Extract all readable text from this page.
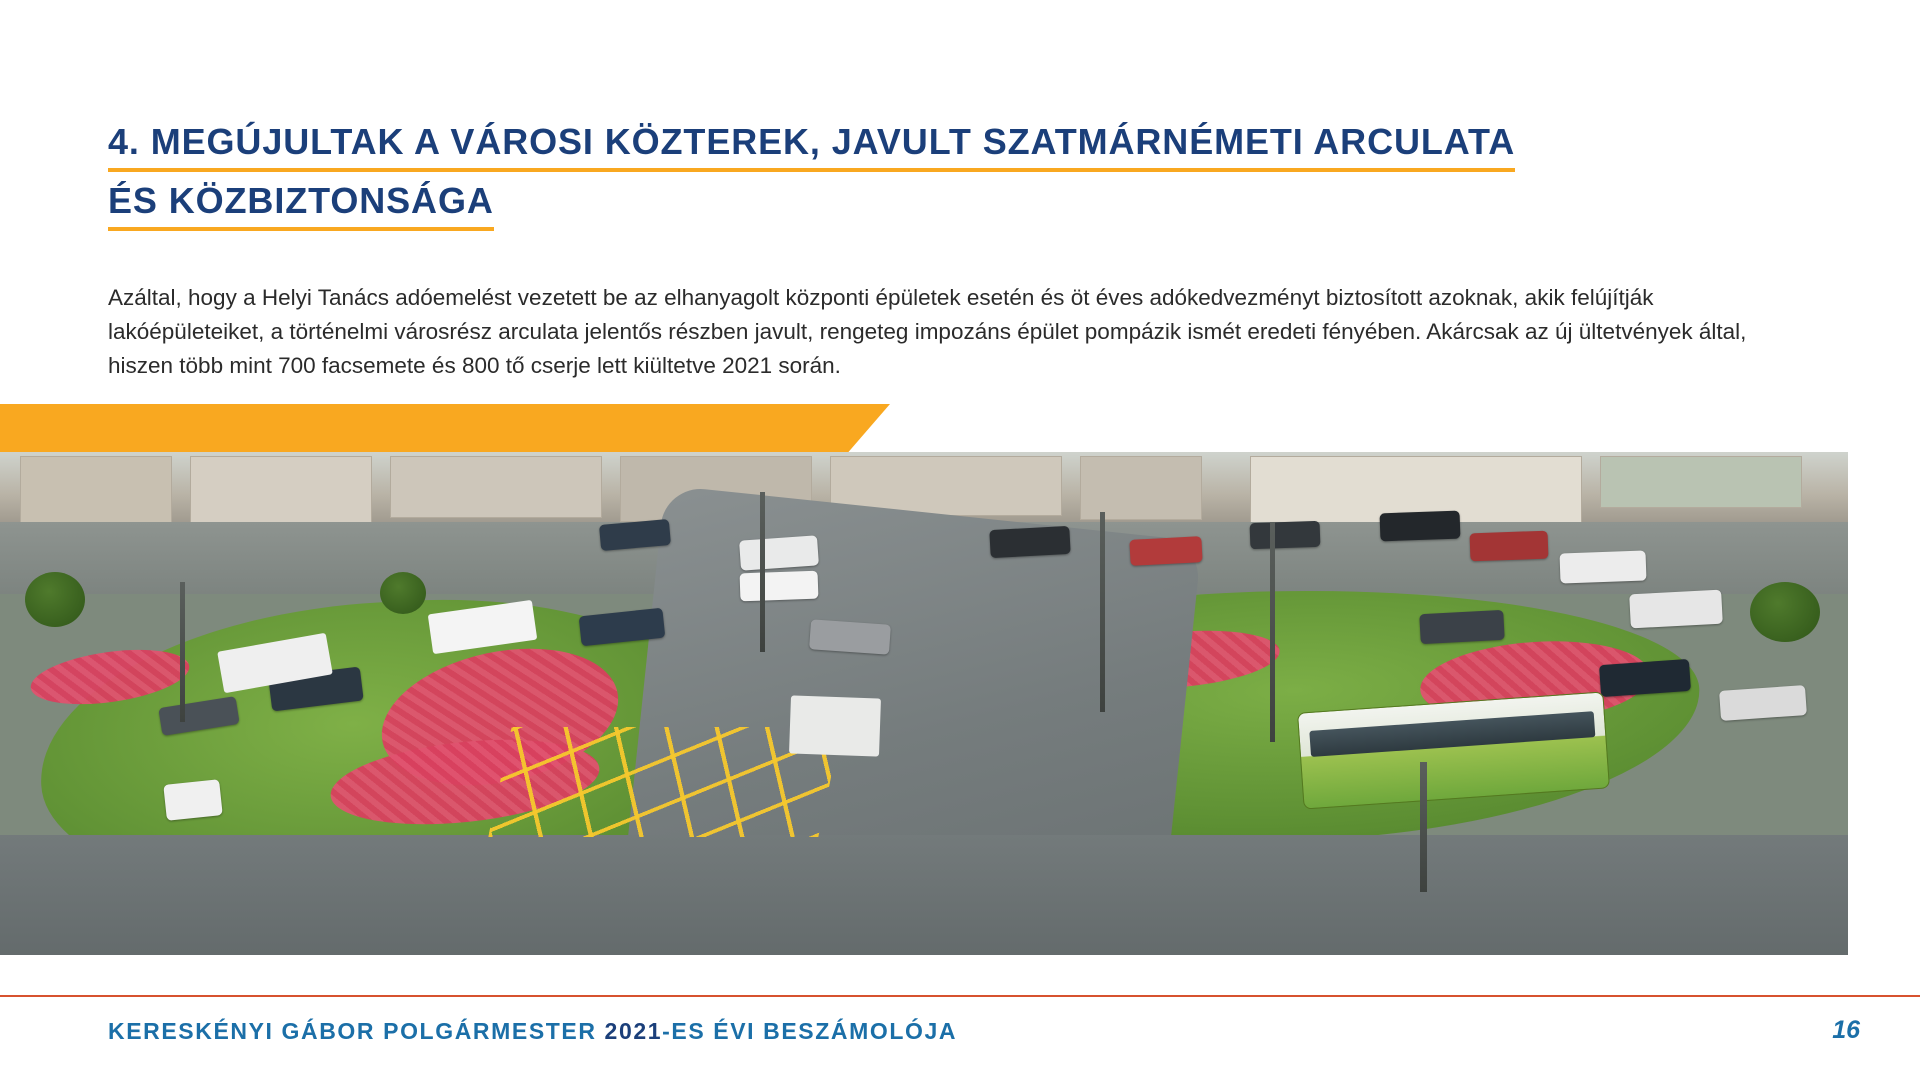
4. MEGÚJULTAK A VÁROSI KÖZTEREK, JAVULT SZATMÁRNÉMETI ARCULATA
ÉS KÖZBIZTONSÁGA

Azáltal, hogy a Helyi Tanács adóemelést vezetett be az elhanyagolt központi épületek esetén és öt éves adókedvezményt biztosított azoknak, akik felújítják lakóépületeiket, a történelmi városrész arculata jelentős részben javult, rengeteg impozáns épület pompázik ismét eredeti fényében. Akárcsak az új ültetvények által, hiszen több mint 700 facsemete és 800 tő cserje lett kiültetve 2021 során.

KERESKÉNYI GÁBOR POLGÁRMESTER 2021-ES ÉVI BESZÁMOLÓJA	16
